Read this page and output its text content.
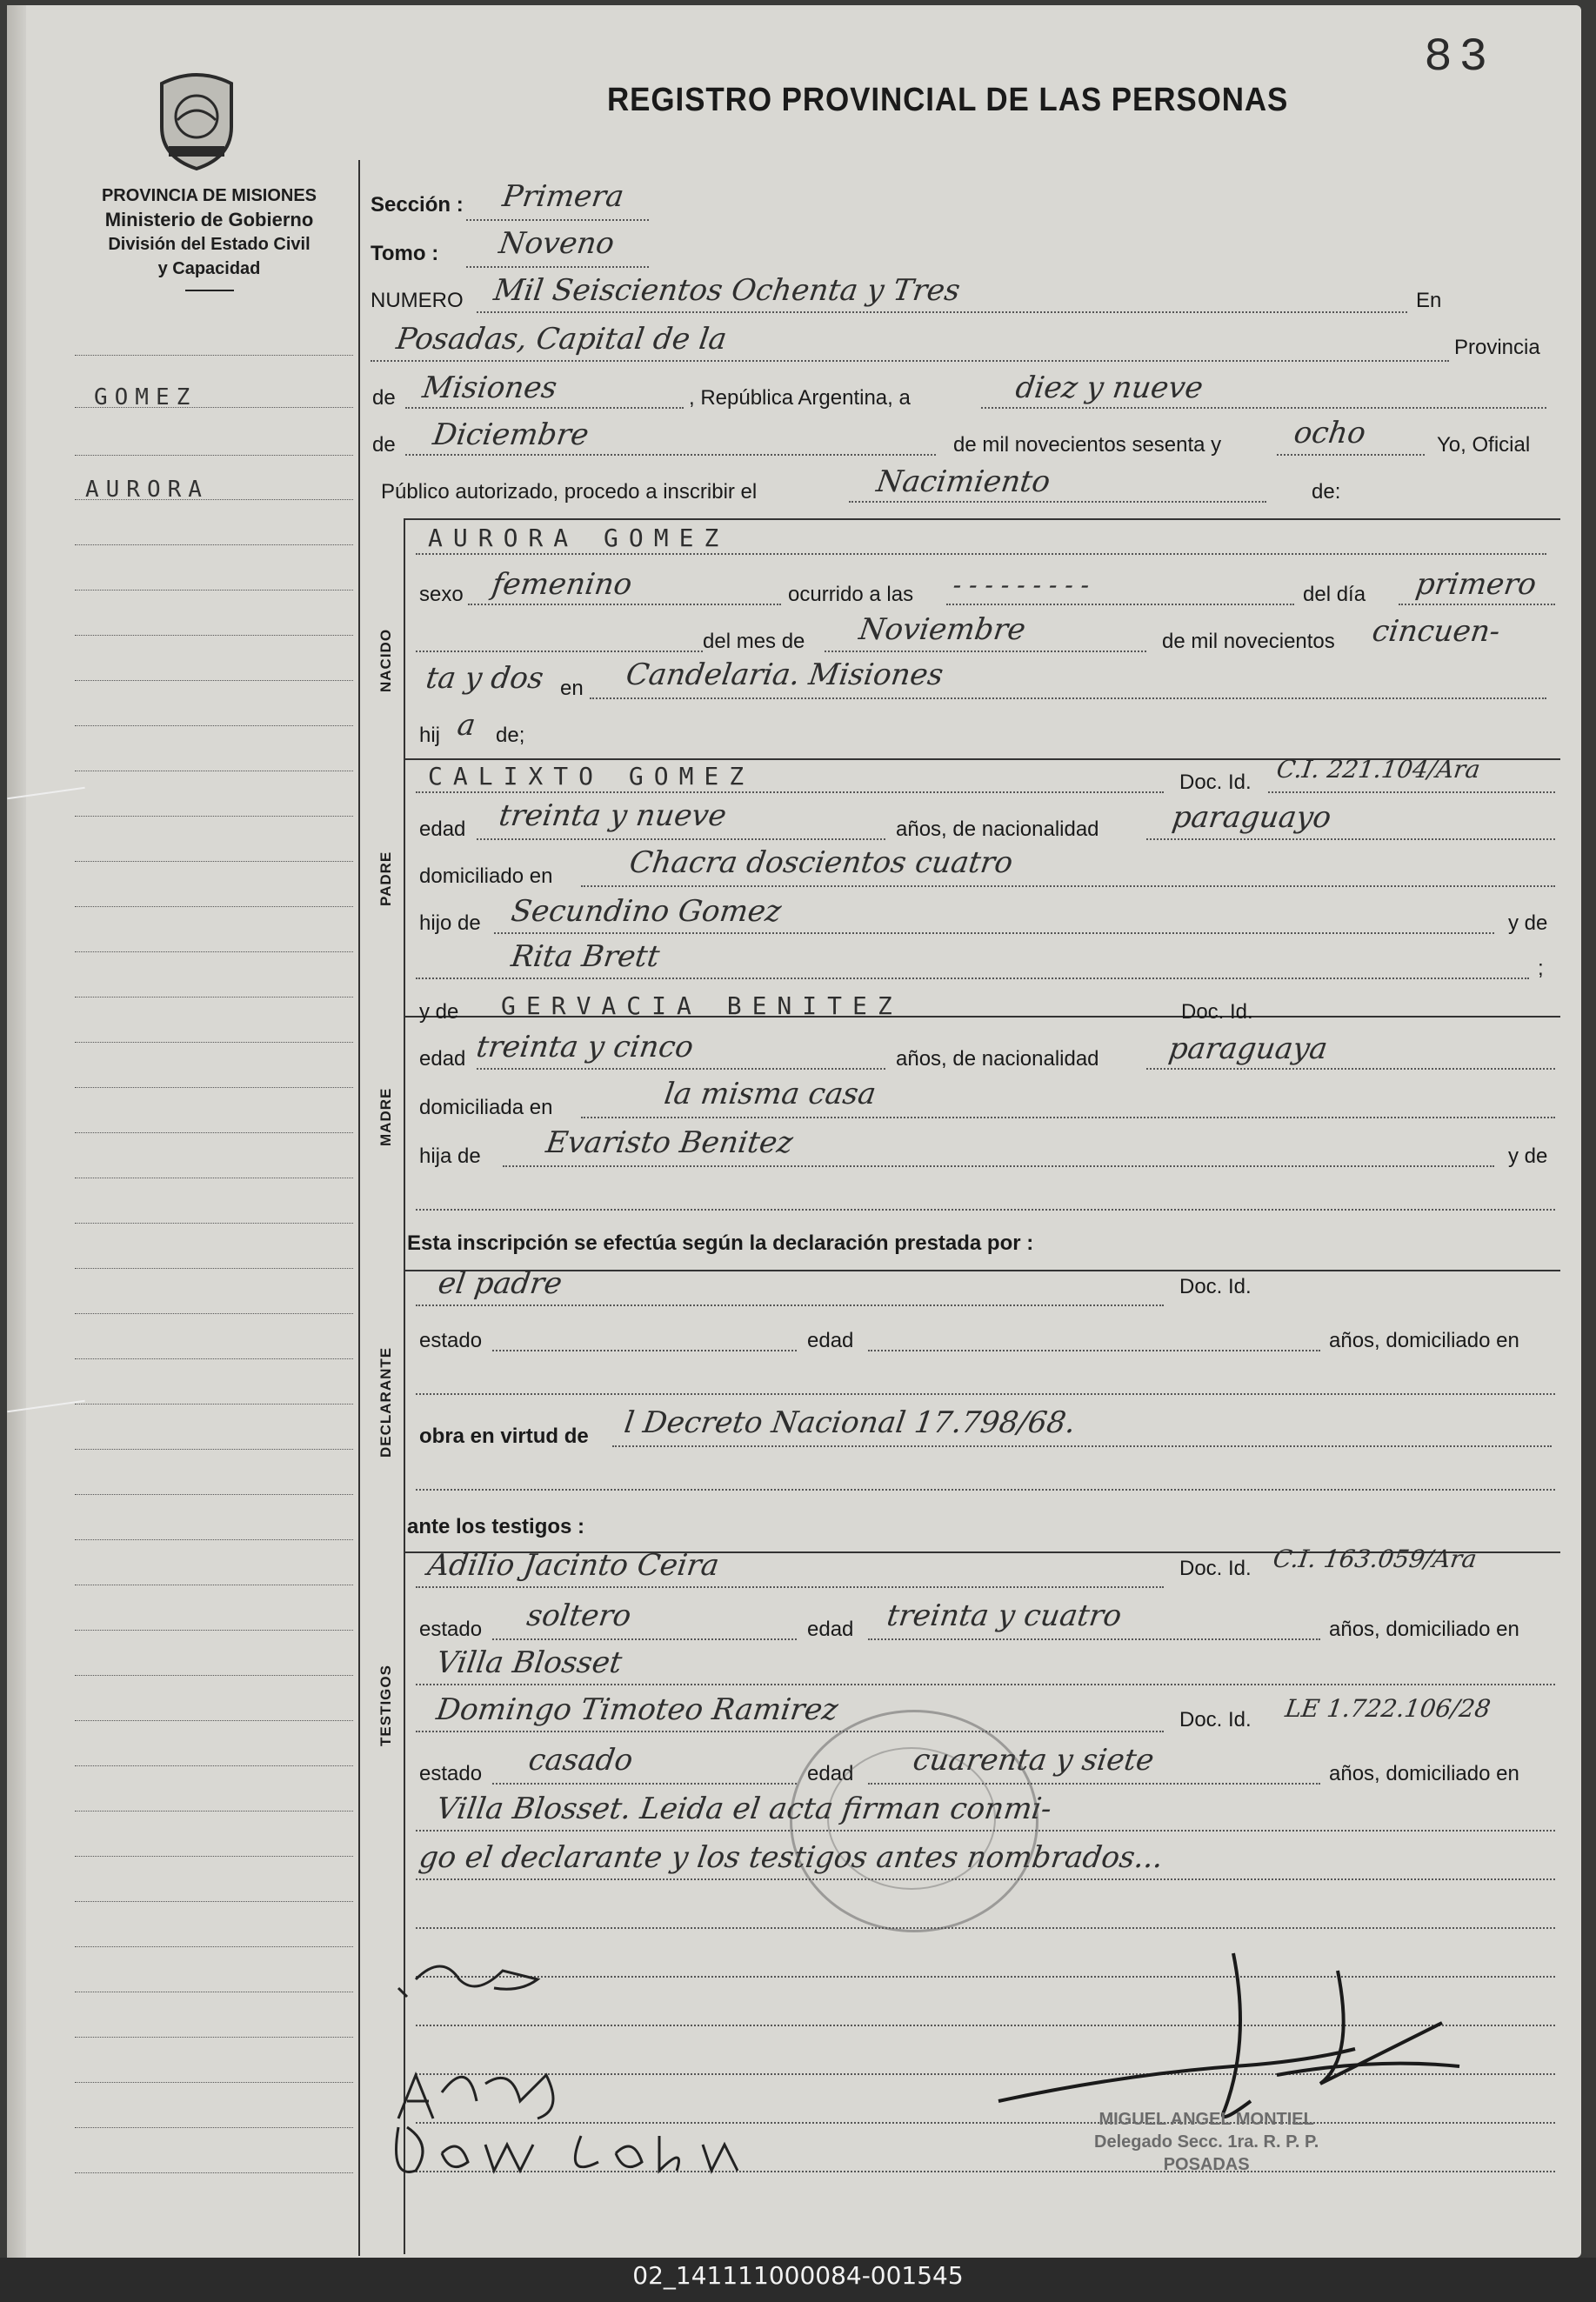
83
REGISTRO PROVINCIAL DE LAS PERSONAS
PROVINCIA DE MISIONES
Ministerio de Gobierno
División del Estado Civil
y Capacidad
GOMEZ
AURORA
Sección : Primera
Tomo : Noveno
NUMERO Mil Seiscientos Ochenta y Tres	En
Posadas, Capital de la	Provincia
de Misiones	, República Argentina, a	diez y nueve
de Diciembre	de mil novecientos sesenta y ocho	Yo, Oficial
Público autorizado, procedo a inscribir el	Nacimiento	de:
NACIDO
AURORA GOMEZ
sexo femenino	ocurrido a las - - - - - - - - -	del día primero
del mes de Noviembre	de mil novecientos cincuen-
ta y dos en Candelaria. Misiones
hij a de;
PADRE
CALIXTO GOMEZ	Doc. Id. C.I. 221.104/Ara
edad treinta y nueve	años, de nacionalidad paraguayo
domiciliado en	Chacra doscientos cuatro
hijo de Secundino Gomez	y de
Rita Brett	;
MADRE
y de GERVACIA BENITEZ	Doc. Id.
edad treinta y cinco	años, de nacionalidad paraguaya
domiciliada en	la misma casa
hija de Evaristo Benitez	y de
Esta inscripción se efectúa según la declaración prestada por :
DECLARANTE
el padre	Doc. Id.
estado	edad	años, domiciliado en
obra en virtud de l Decreto Nacional 17.798/68.
ante los testigos :
TESTIGOS
Adilio Jacinto Ceira	Doc. Id. C.I. 163.059/Ara
estado soltero	edad treinta y cuatro	años, domiciliado en
Villa Blosset
Domingo Timoteo Ramirez	Doc. Id. LE 1.722.106/28
estado casado	edad cuarenta y siete	años, domiciliado en
Villa Blosset. Leida el acta firman conmi-
go el declarante y los testigos antes nombrados...
MIGUEL ANGEL MONTIEL
Delegado Secc. 1ra. R. P. P.
POSADAS
02_141111000084-001545
